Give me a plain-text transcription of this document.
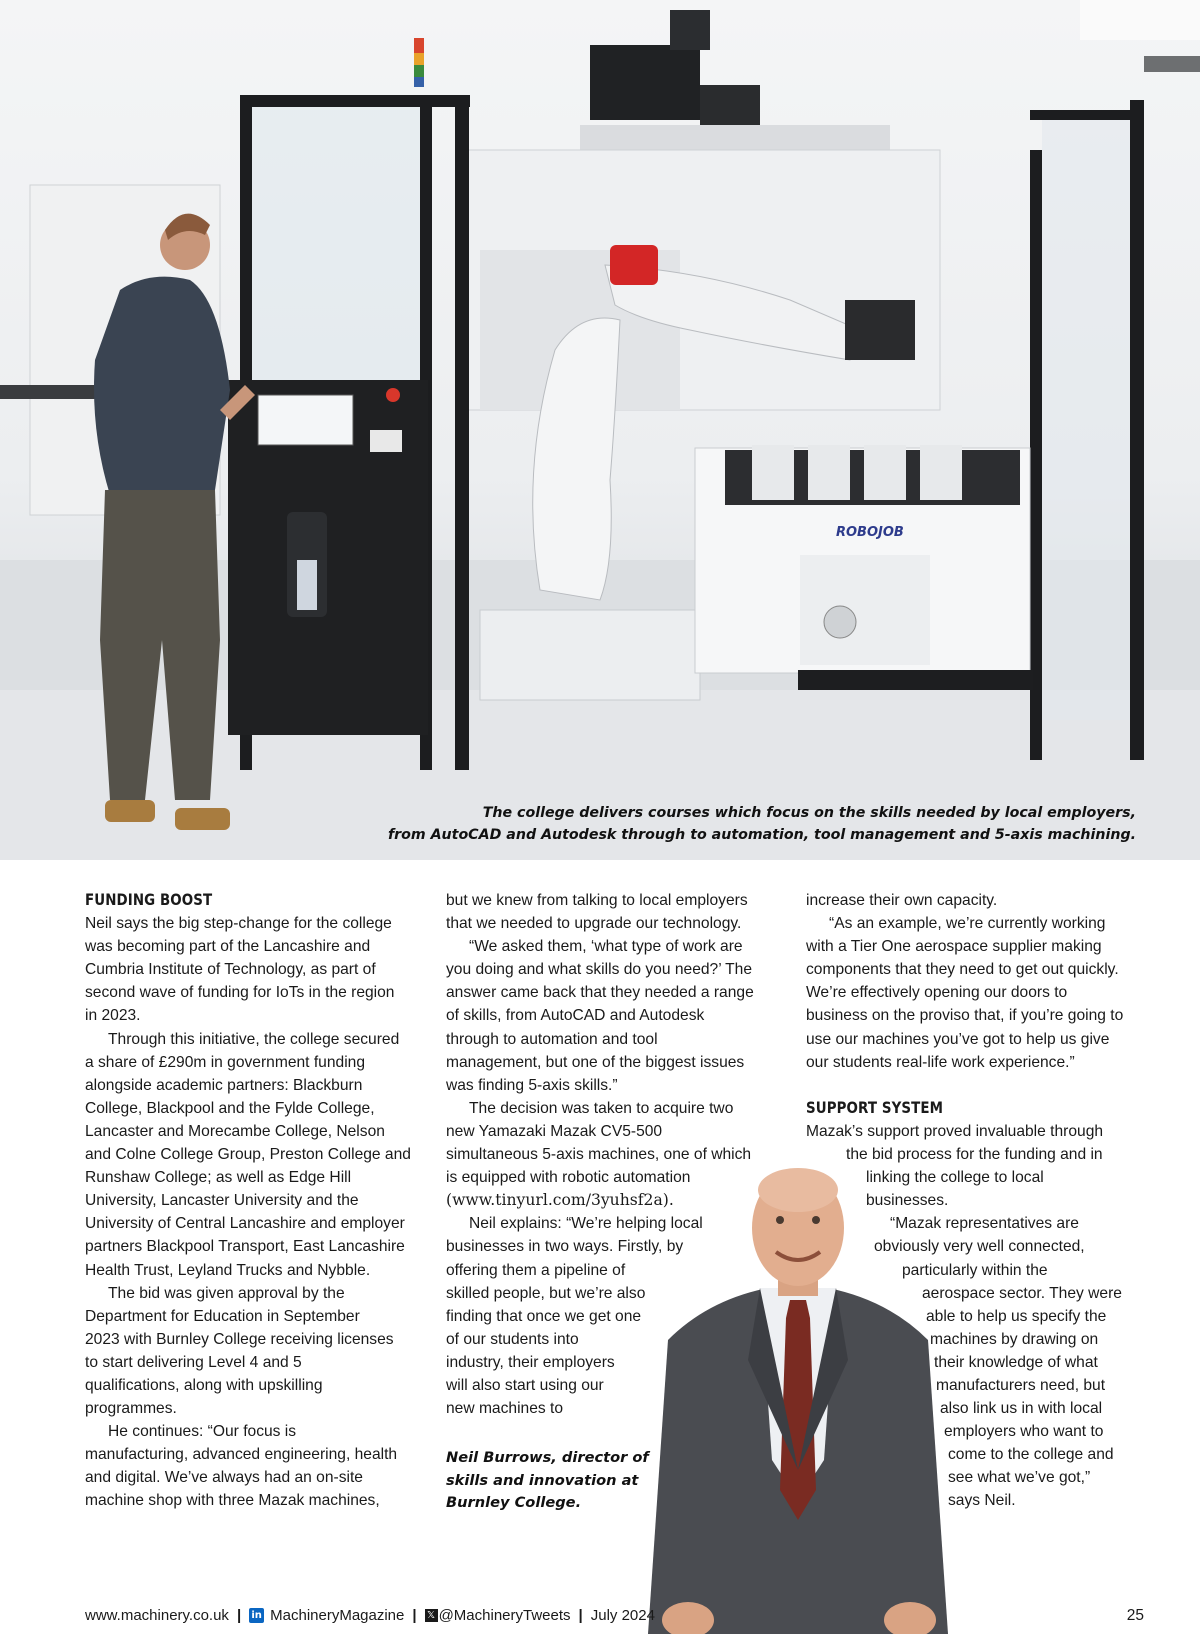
The college delivers courses which focus on the skills needed by local employers,
from AutoCAD and Autodesk through to automation, tool management and 5-axis machining.
ROBOJOB
FUNDING BOOST

Neil says the big step-change for the college

was becoming part of the Lancashire and

Cumbria Institute of Technology, as part of

second wave of funding for IoTs in the region

in 2023.

Through this initiative, the college secured

a share of £290m in government funding

alongside academic partners: Blackburn

College, Blackpool and the Fylde College,

Lancaster and Morecambe College, Nelson

and Colne College Group, Preston College and

Runshaw College; as well as Edge Hill

University, Lancaster University and the

University of Central Lancashire and employer

partners Blackpool Transport, East Lancashire

Health Trust, Leyland Trucks and Nybble.

The bid was given approval by the

Department for Education in September

2023 with Burnley College receiving licenses

to start delivering Level 4 and 5

qualifications, along with upskilling

programmes.

He continues: “Our focus is

manufacturing, advanced engineering, health

and digital. We’ve always had an on-site

machine shop with three Mazak machines,

but we knew from talking to local employers

that we needed to upgrade our technology.

“We asked them, ‘what type of work are

you doing and what skills do you need?’ The

answer came back that they needed a range

of skills, from AutoCAD and Autodesk

through to automation and tool

management, but one of the biggest issues

was finding 5-axis skills.”

The decision was taken to acquire two

new Yamazaki Mazak CV5-500

simultaneous 5-axis machines, one of which

is equipped with robotic automation

(www.tinyurl.com/3yuhsf2a).

Neil explains: “We’re helping local

businesses in two ways. Firstly, by

offering them a pipeline of

skilled people, but we’re also

finding that once we get one

of our students into

industry, their employers

will also start using our

new machines to

Neil Burrows, director of
skills and innovation at
Burnley College.

increase their own capacity.

“As an example, we’re currently working

with a Tier One aerospace supplier making

components that they need to get out quickly.

We’re effectively opening our doors to

business on the proviso that, if you’re going to

use our machines you’ve got to help us give

our students real-life work experience.”

SUPPORT SYSTEM

Mazak’s support proved invaluable through

the bid process for the funding and in

linking the college to local

businesses.

“Mazak representatives are

obviously very well connected,

particularly within the

aerospace sector. They were

able to help us specify the

machines by drawing on

their knowledge of what

manufacturers need, but

also link us in with local

employers who want to

come to the college and

see what we’ve got,”

says Neil.

www.machinery.co.uk | in MachineryMagazine | 𝕏 @MachineryTweets | July 2024	25
